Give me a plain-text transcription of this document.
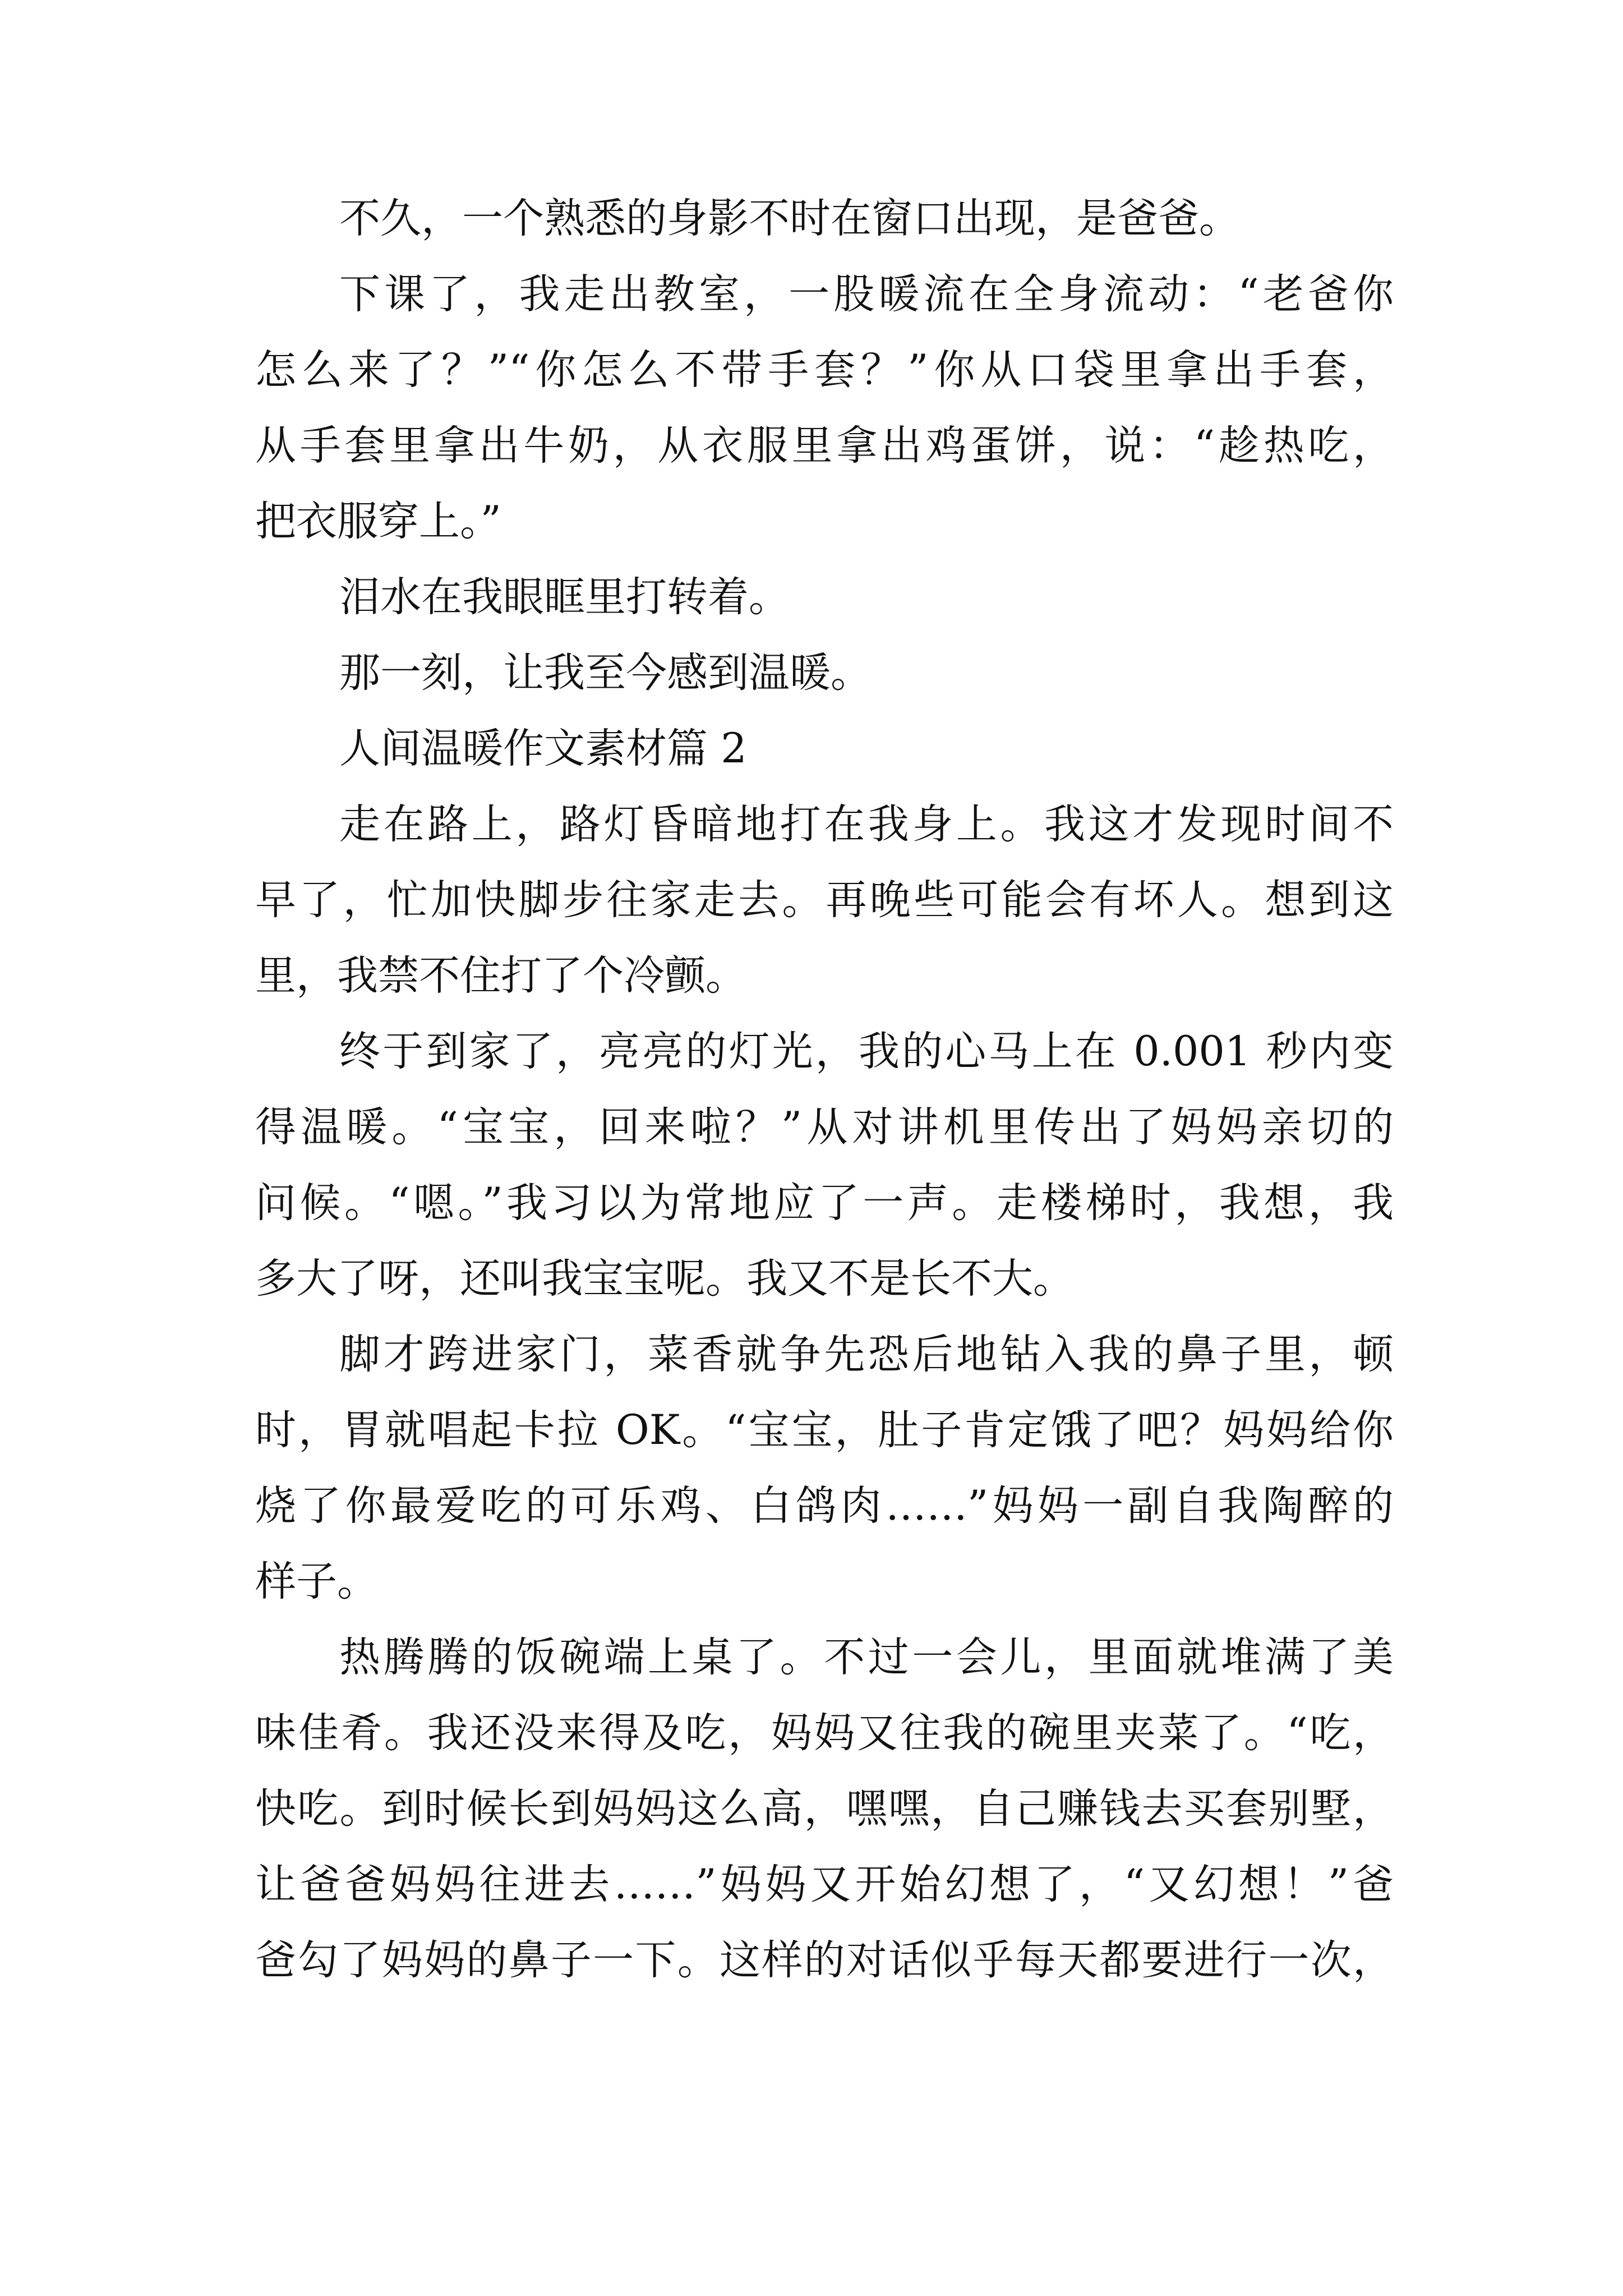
不久，一个熟悉的身影不时在窗口出现，是爸爸。
下课了，我走出教室，一股暖流在全身流动：“老爸你
怎么来了？”“你怎么不带手套？”你从口袋里拿出手套，
从手套里拿出牛奶，从衣服里拿出鸡蛋饼，说：“趁热吃，
把衣服穿上。”
泪水在我眼眶里打转着。
那一刻，让我至今感到温暖。
人间温暖作文素材篇 2
走在路上，路灯昏暗地打在我身上。我这才发现时间不
早了，忙加快脚步往家走去。再晚些可能会有坏人。想到这
里，我禁不住打了个冷颤。
终于到家了，亮亮的灯光，我的心马上在 0.001 秒内变
得温暖。“宝宝，回来啦？”从对讲机里传出了妈妈亲切的
问候。“嗯。”我习以为常地应了一声。走楼梯时，我想，我
多大了呀，还叫我宝宝呢。我又不是长不大。
脚才跨进家门，菜香就争先恐后地钻入我的鼻子里，顿
时，胃就唱起卡拉 OK。“宝宝，肚子肯定饿了吧？妈妈给你
烧了你最爱吃的可乐鸡、白鸽肉……”妈妈一副自我陶醉的
样子。
热腾腾的饭碗端上桌了。不过一会儿，里面就堆满了美
味佳肴。我还没来得及吃，妈妈又往我的碗里夹菜了。“吃，
快吃。到时候长到妈妈这么高，嘿嘿，自己赚钱去买套别墅，
让爸爸妈妈往进去……”妈妈又开始幻想了，“又幻想！”爸
爸勾了妈妈的鼻子一下。这样的对话似乎每天都要进行一次，
